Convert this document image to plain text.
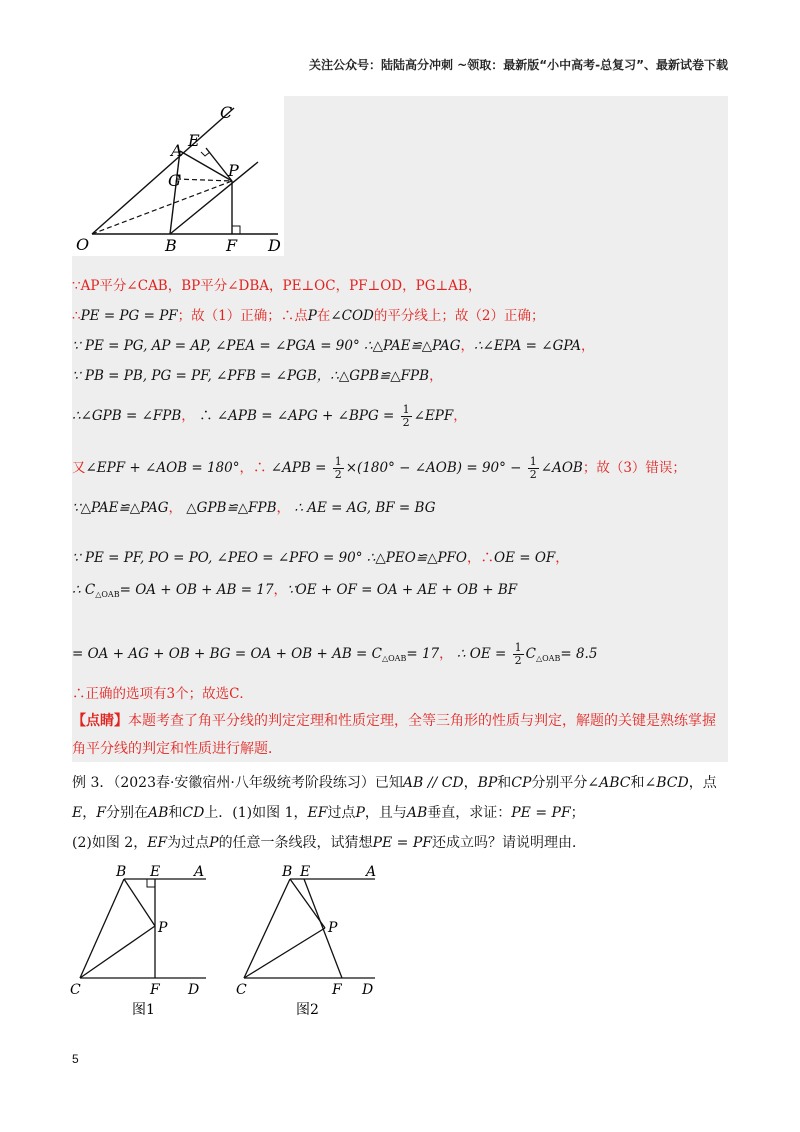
关注公众号：陆陆高分冲刺 ~领取：最新版“小中高考-总复习”、最新试卷下载
C
E
A
G
P
O	B	F D
∵AP平分∠CAB，BP平分∠DBA，PE⊥OC，PF⊥OD，PG⊥AB，
∴PE = PG = PF；故（1）正确；∴点P在∠COD的平分线上；故（2）正确；
∵ PE = PG, AP = AP, ∠PEA = ∠PGA = 90° ∴△PAE≌△PAG，∴∠EPA = ∠GPA，
∵ PB = PB, PG = PF, ∠PFB = ∠PGB，∴△GPB≌△FPB，
∴∠GPB = ∠FPB， ∴ ∠APB = ∠APG + ∠BPG = $\frac{1}{2}$ ∠EPF，
又∠EPF + ∠AOB = 180°，∴ ∠APB = $\frac{1}{2} \times(180^\circ$ − ∠AOB) = $90^\circ - \frac{1}{2}$ ∠AOB；故（3）错误；
∵△PAE≌△PAG， △GPB≌△FPB， ∴ AE = AG, BF = BG
∵ PE = PF, PO = PO, ∠PEO = ∠PFO = 90° ∴△PEO≌△PFO，∴OE = OF，
∴ $C_{\triangle OAB}=$ OA + OB + AB = 17，∵OE + OF = OA + AE + OB + BF
= OA + AG + OB + BG = OA + OB + AB = $C_{\triangle OAB}= 17$， ∴ OE = $\frac{1}{2} C_{\triangle OAB}= 8.5$
∴正确的选项有3个；故选C．
【点睛】本题考查了角平分线的判定定理和性质定理，全等三角形的性质与判定，解题的关键是熟练掌握
角平分线的判定和性质进行解题．
例 3．（2023春·安徽宿州·八年级统考阶段练习）已知AB // CD，BP和CP分别平分∠ABC和∠BCD，点
E，F分别在AB和CD上．(1)如图 1，EF过点P，且与AB垂直，求证：PE = PF；
(2)如图 2，EF为过点P的任意一条线段，试猜想PE = PF还成立吗？请说明理由．
B E A
P
C	F D
图1
B E	A
P
C	F D
图2
5
